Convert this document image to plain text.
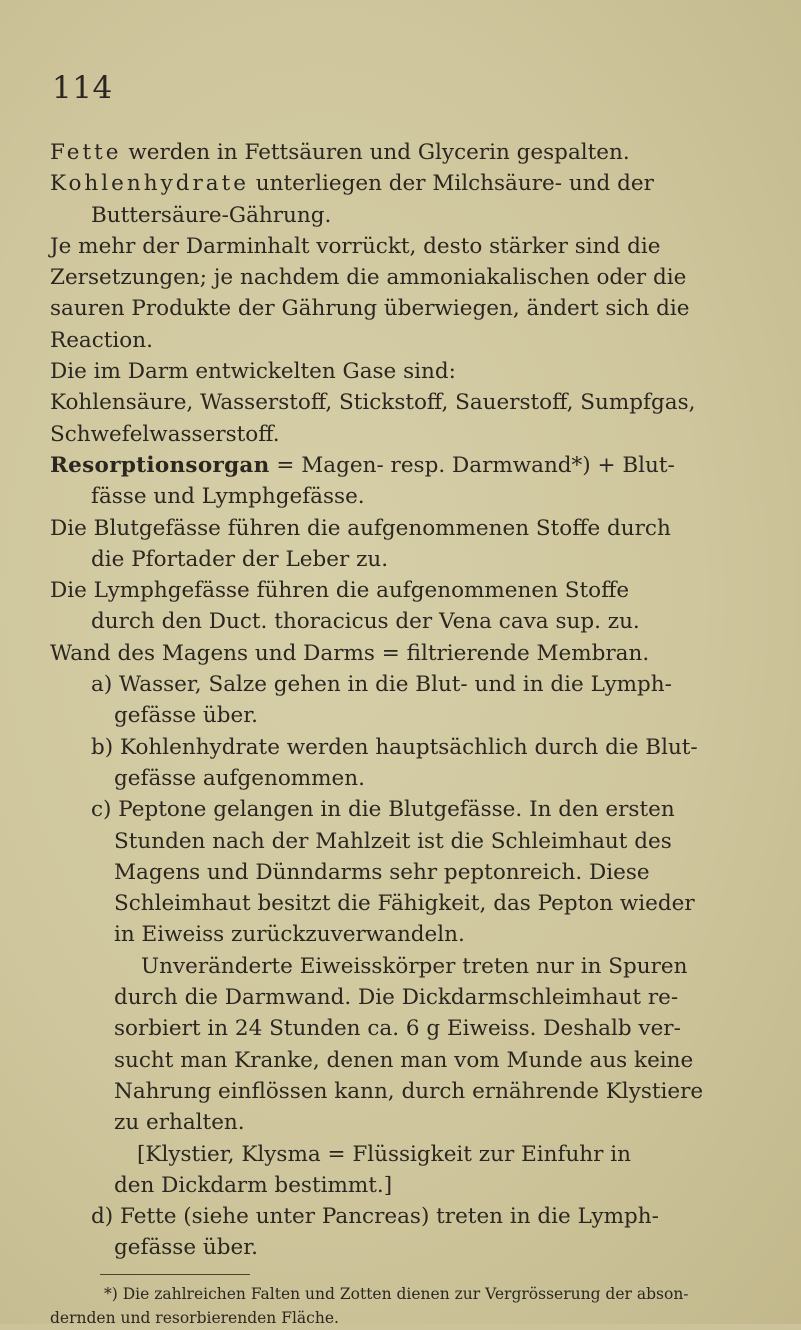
114
Fette werden in Fettsäuren und Glycerin gespalten.
Kohlenhydrate unterliegen der Milchsäure- und der
Buttersäure-Gährung.
Je mehr der Darminhalt vorrückt, desto stärker sind die
Zersetzungen; je nachdem die ammoniakalischen oder die
sauren Produkte der Gährung überwiegen, ändert sich die
Reaction.
Die im Darm entwickelten Gase sind:
Kohlensäure, Wasserstoff, Stickstoff, Sauerstoff, Sumpfgas,
Schwefelwasserstoff.
Resorptionsorgan = Magen- resp. Darmwand*) + Blut-
fässe und Lymphgefässe.
Die Blutgefässe führen die aufgenommenen Stoffe durch
die Pfortader der Leber zu.
Die Lymphgefässe führen die aufgenommenen Stoffe
durch den Duct. thoracicus der Vena cava sup. zu.
Wand des Magens und Darms = filtrierende Membran.
a) Wasser, Salze gehen in die Blut- und in die Lymph-
gefässe über.
b) Kohlenhydrate werden hauptsächlich durch die Blut-
gefässe aufgenommen.
c) Peptone gelangen in die Blutgefässe. In den ersten
Stunden nach der Mahlzeit ist die Schleimhaut des
Magens und Dünndarms sehr peptonreich. Diese
Schleimhaut besitzt die Fähigkeit, das Pepton wieder
in Eiweiss zurückzuverwandeln.
Unveränderte Eiweisskörper treten nur in Spuren
durch die Darmwand. Die Dickdarmschleimhaut re-
sorbiert in 24 Stunden ca. 6 g Eiweiss. Deshalb ver-
sucht man Kranke, denen man vom Munde aus keine
Nahrung einflössen kann, durch ernährende Klystiere
zu erhalten.
[Klystier, Klysma = Flüssigkeit zur Einfuhr in
den Dickdarm bestimmt.]
d) Fette (siehe unter Pancreas) treten in die Lymph-
gefässe über.
*) Die zahlreichen Falten und Zotten dienen zur Vergrösserung der abson-
dernden und resorbierenden Fläche.
